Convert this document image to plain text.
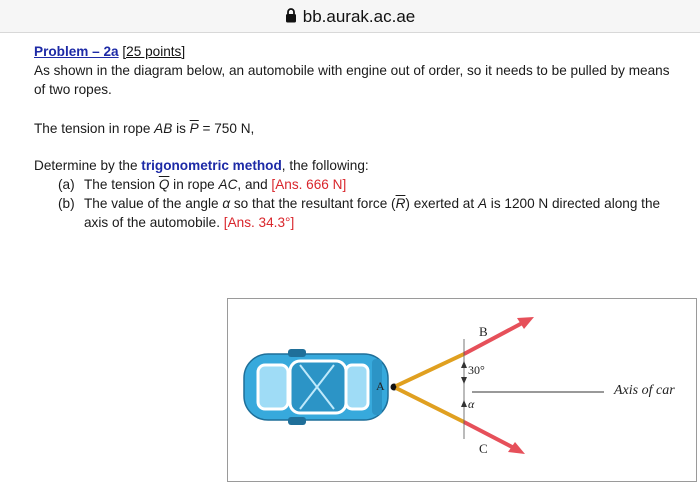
bb.aurak.ac.ae

Problem – 2a [25 points]

As shown in the diagram below, an automobile with engine out of order, so it needs to be pulled by means of two ropes.

The tension in rope AB is $\overline{P} = 750$ N,

Determine by the trigonometric method, the following:

(a) The tension $\overline{Q}$ in rope AC, and [Ans. 666 N]

(b) The value of the angle α so that the resultant force $(\overline{R})$ exerted at A is 1200 N directed along the axis of the automobile. [Ans. 34.3°]

B
C
A
30°
α
Axis of car
